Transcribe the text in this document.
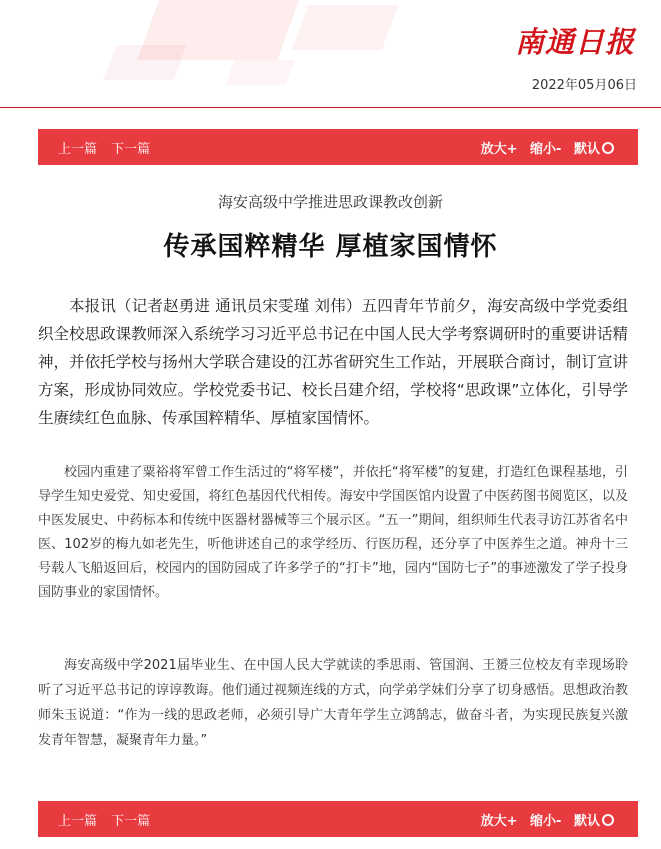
南通日报
2022年05月06日
上一篇 下一篇	放大+ 缩小- 默认
海安高级中学推进思政课教改创新
传承国粹精华 厚植家国情怀

本报讯（记者赵勇进 通讯员宋雯瑾 刘伟）五四青年节前夕，海安高级中学党委组织全校思政课教师深入系统学习习近平总书记在中国人民大学考察调研时的重要讲话精神，并依托学校与扬州大学联合建设的江苏省研究生工作站，开展联合商讨，制订宣讲方案，形成协同效应。学校党委书记、校长吕建介绍，学校将“思政课”立体化，引导学生赓续红色血脉、传承国粹精华、厚植家国情怀。

校园内重建了粟裕将军曾工作生活过的“将军楼”，并依托“将军楼”的复建，打造红色课程基地，引导学生知史爱党、知史爱国，将红色基因代代相传。海安中学国医馆内设置了中医药图书阅览区，以及中医发展史、中药标本和传统中医器材器械等三个展示区。“五一”期间，组织师生代表寻访江苏省名中医、102岁的梅九如老先生，听他讲述自己的求学经历、行医历程，还分享了中医养生之道。神舟十三号载人飞船返回后，校园内的国防园成了许多学子的“打卡”地，园内“国防七子”的事迹激发了学子投身国防事业的家国情怀。

海安高级中学2021届毕业生、在中国人民大学就读的季思雨、管国润、王赟三位校友有幸现场聆听了习近平总书记的谆谆教诲。他们通过视频连线的方式，向学弟学妹们分享了切身感悟。思想政治教师朱玉说道：“作为一线的思政老师，必须引导广大青年学生立鸿鹄志，做奋斗者，为实现民族复兴激发青年智慧，凝聚青年力量。”

上一篇 下一篇	放大+ 缩小- 默认
